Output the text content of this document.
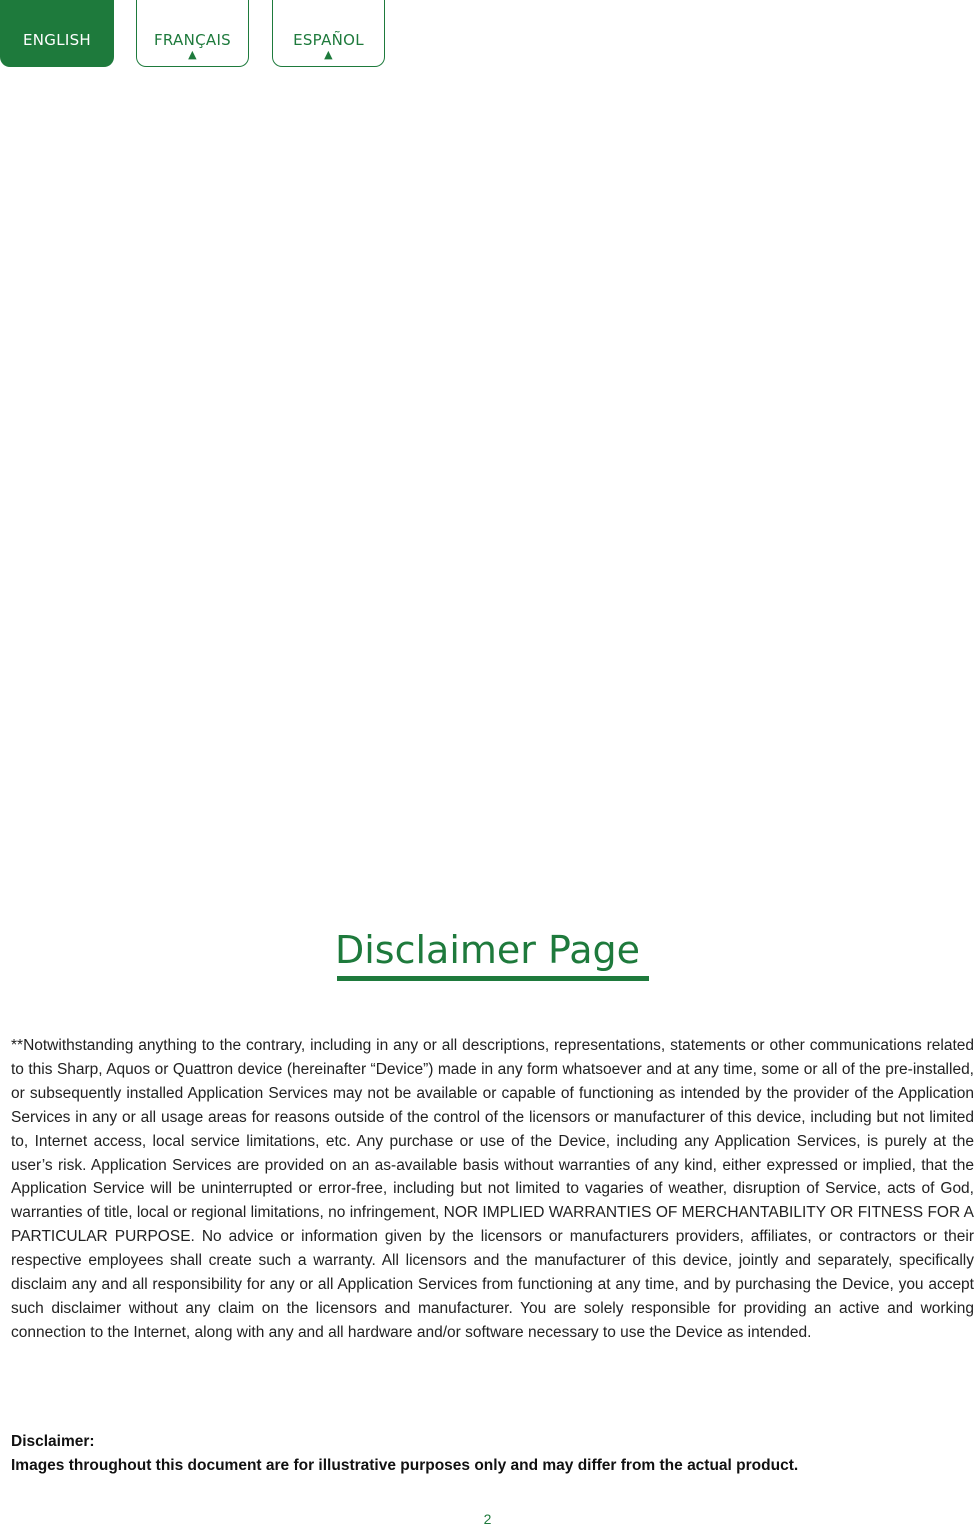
ENGLISH	FRANÇAIS
▲
ESPAÑOL
▲
Disclaimer Page

**Notwithstanding anything to the contrary, including in any or all descriptions, representations, statements or other communications related to this Sharp, Aquos or Quattron device (hereinafter “Device”) made in any form whatsoever and at any time, some or all of the pre-installed, or subsequently installed Application Services may not be available or capable of functioning as intended by the provider of the Application Services in any or all usage areas for reasons outside of the control of the licensors or manufacturer of this device, including but not limited to, Internet access, local service limitations, etc. Any purchase or use of the Device, including any Application Services, is purely at the user’s risk. Application Services are provided on an as-available basis without warranties of any kind, either expressed or implied, that the Application Service will be uninterrupted or error-free, including but not limited to vagaries of weather, disruption of Service, acts of God, warranties of title, local or regional limitations, no infringement, NOR IMPLIED WARRANTIES OF MERCHANTABILITY OR FITNESS FOR A PARTICULAR PURPOSE. No advice or information given by the licensors or manufacturers providers, affiliates, or contractors or their respective employees shall create such a warranty. All licensors and the manufacturer of this device, jointly and separately, specifically disclaim any and all responsibility for any or all Application Services from functioning at any time, and by purchasing the Device, you accept such disclaimer without any claim on the licensors and manufacturer. You are solely responsible for providing an active and working connection to the Internet, along with any and all hardware and/or software necessary to use the Device as intended.

Disclaimer:

Images throughout this document are for illustrative purposes only and may differ from the actual product.

2
